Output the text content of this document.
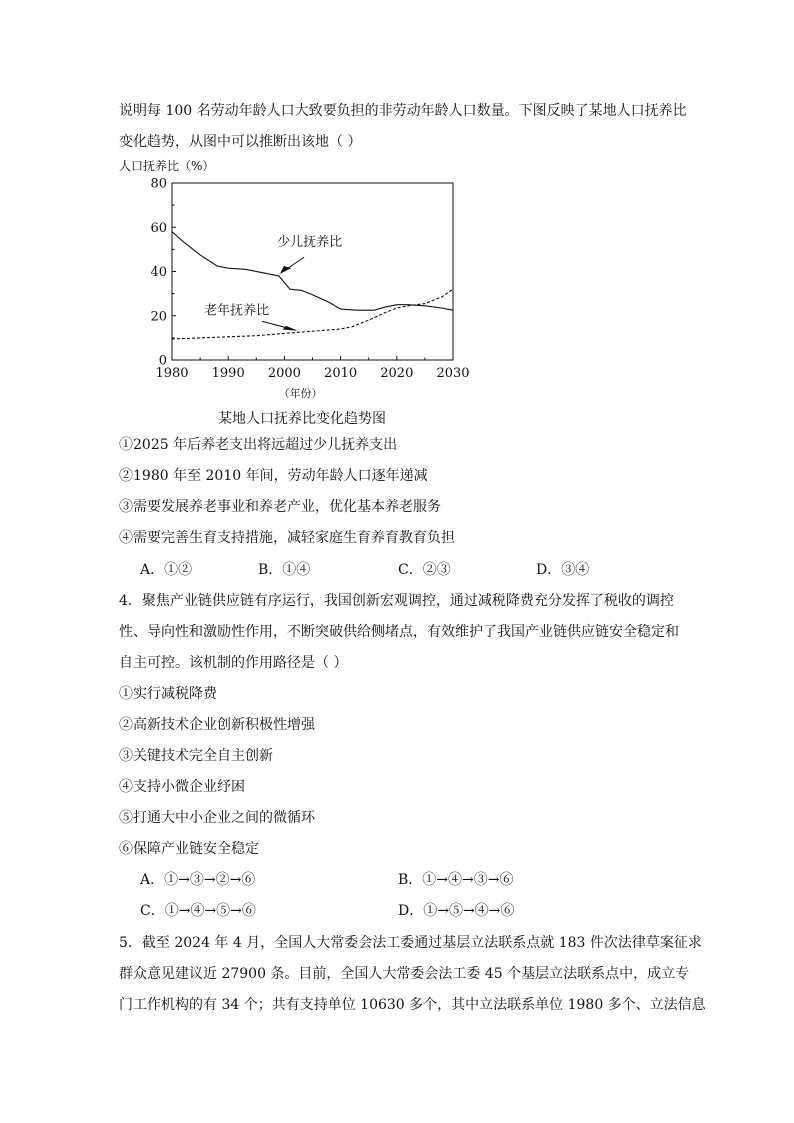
说明每 100 名劳动年龄人口大致要负担的非劳动年龄人口数量。下图反映了某地人口抚养比
变化趋势，从图中可以推断出该地（ ）
人口抚养比（%）
1980 1990 2000 2010 2020 2030
0
20
40
60
80
（年份）
少儿抚养比
老年抚养比
某地人口抚养比变化趋势图
①2025 年后养老支出将远超过少儿抚养支出
②1980 年至 2010 年间，劳动年龄人口逐年递减
③需要发展养老事业和养老产业，优化基本养老服务
④需要完善生育支持措施，减轻家庭生育养育教育负担
A．①②	B．①④	C．②③	D．③④
4．聚焦产业链供应链有序运行，我国创新宏观调控，通过减税降费充分发挥了税收的调控
性、导向性和激励性作用，不断突破供给侧堵点，有效维护了我国产业链供应链安全稳定和
自主可控。该机制的作用路径是（ ）
①实行减税降费
②高新技术企业创新积极性增强
③关键技术完全自主创新
④支持小微企业纾困
⑤打通大中小企业之间的微循环
⑥保障产业链安全稳定
A．①→③→②→⑥	B．①→④→③→⑥
C．①→④→⑤→⑥	D．①→⑤→④→⑥
5．截至 2024 年 4 月，全国人大常委会法工委通过基层立法联系点就 183 件次法律草案征求
群众意见建议近 27900 条。目前，全国人大常委会法工委 45 个基层立法联系点中，成立专
门工作机构的有 34 个；共有支持单位 10630 多个，其中立法联系单位 1980 多个、立法信息
